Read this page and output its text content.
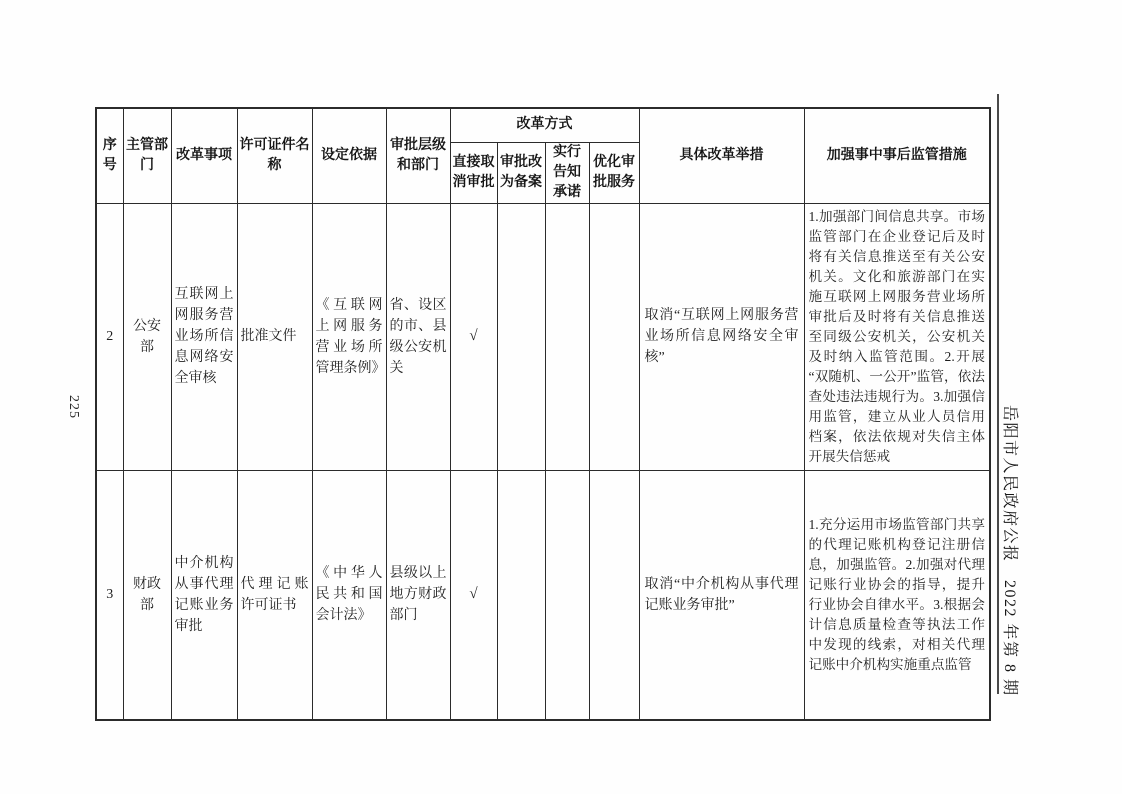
225	岳阳市人民政府公报　2022 年第 8 期
序号	主管部门	改革事项	许可证件名称	设定依据	审批层级和部门	改革方式				具体改革举措	加强事中事后监管措施
						直接取消审批	审批改为备案	实行告知承诺	优化审批服务		
2	公安部	互联网上网服务营业场所信息网络安全审核	批准文件	《互联网上网服务营业场所管理条例》	省、设区的市、县级公安机关	√				取消“互联网上网服务营业场所信息网络安全审核”	1.加强部门间信息共享。市场监管部门在企业登记后及时将有关信息推送至有关公安机关。文化和旅游部门在实施互联网上网服务营业场所审批后及时将有关信息推送至同级公安机关，公安机关及时纳入监管范围。2.开展“双随机、一公开”监管，依法查处违法违规行为。3.加强信用监管，建立从业人员信用档案，依法依规对失信主体开展失信惩戒
3	财政部	中介机构从事代理记账业务审批	代理记账许可证书	《中华人民共和国会计法》	县级以上地方财政部门	√				取消“中介机构从事代理记账业务审批”	1.充分运用市场监管部门共享的代理记账机构登记注册信息，加强监管。2.加强对代理记账行业协会的指导，提升行业协会自律水平。3.根据会计信息质量检查等执法工作中发现的线索，对相关代理记账中介机构实施重点监管
